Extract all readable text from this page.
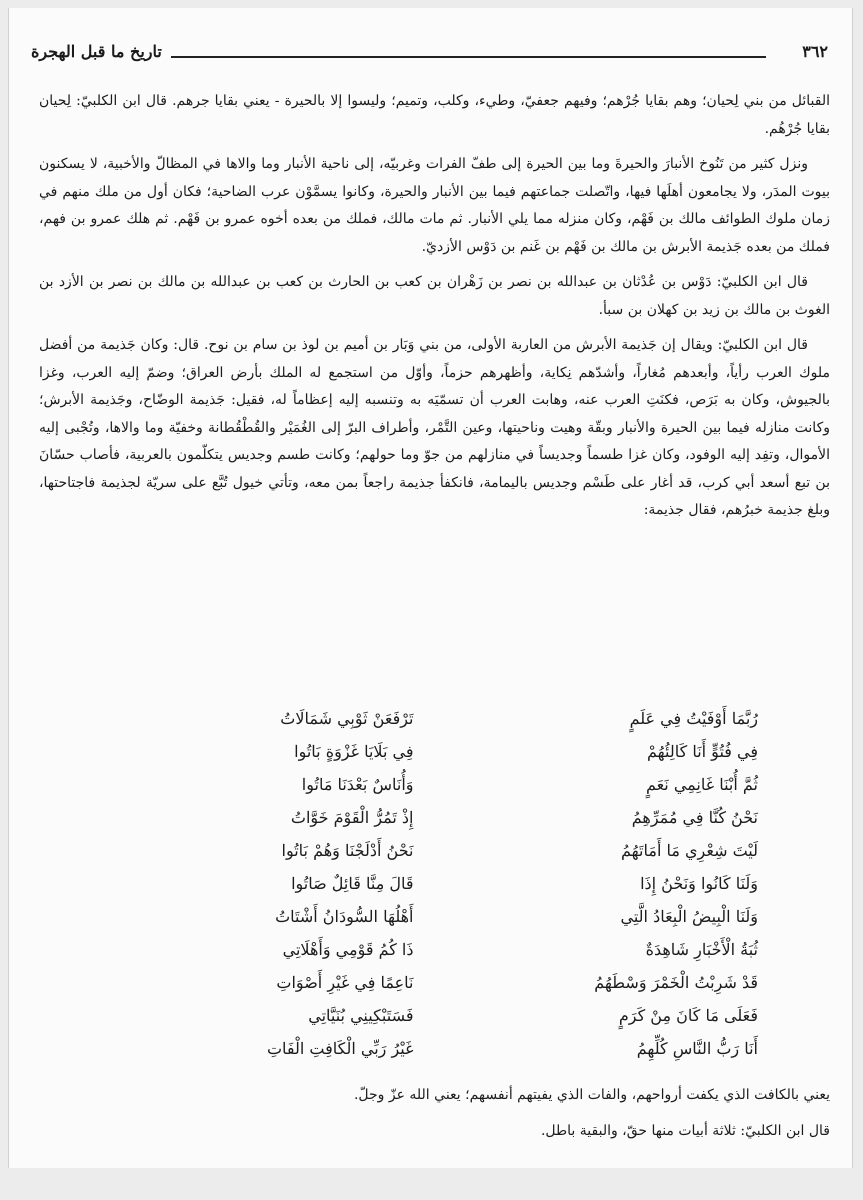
تاريخ ما قبل الهجرة	٣٦٢

القبائل من بني لِحيان؛ وهم بقايا جُرْهم؛ وفيهم جعفيّ، وطيء، وكلب، وتميم؛ وليسوا إلا بالحيرة - يعني بقايا جرهم. قال ابن الكلبيّ: لِحيان بقايا جُرْهُم.

ونزل كثير من تَنُوخ الأنبارَ والحيرةَ وما بين الحيرة إلى طفّ الفرات وغربيّه، إلى ناحية الأنبار وما والاها في المظالّ والأخبية، لا يسكنون بيوت المدَر، ولا يجامعون أهلَها فيها، واتّصلت جماعتهم فيما بين الأنبار والحيرة، وكانوا يسمَّوْن عرب الضاحية؛ فكان أول من ملك منهم في زمان ملوك الطوائف مالك بن فَهْم، وكان منزله مما يلي الأنبار. ثم مات مالك، فملك من بعده أخوه عمرو بن فَهْم. ثم هلك عمرو بن فهم، فملك من بعده جَذيمة الأبرش بن مالك بن فَهْم بن غَنم بن دَوْس الأزديّ.

قال ابن الكلبيّ: دَوْس بن عُدْثان بن عبدالله بن نصر بن زَهْران بن كعب بن الحارث بن كعب بن عبدالله بن مالك بن نصر بن الأزد بن الغوث بن مالك بن زيد بن كهلان بن سبأ.

قال ابن الكلبيّ: ويقال إن جَذيمة الأبرش من العاربة الأولى، من بني وَبَار بن أميم بن لوذ بن سام بن نوح. قال: وكان جَذيمة من أفضل ملوك العرب رأياً، وأبعدهم مُغاراً، وأشدّهم نِكاية، وأظهرهم حزماً، وأوّل من استجمع له الملك بأرض العراق؛ وضمّ إليه العرب، وغزا بالجيوش، وكان به بَرَص، فكنَتِ العرب عنه، وهابت العرب أن تسمّيَه به وتنسبه إليه إعظاماً له، فقيل: جَذيمة الوضّاح، وجَذيمة الأبرش؛ وكانت منازله فيما بين الحيرة والأنبار وبقّة وهيت وناحيتها، وعين التَّمْر، وأطراف البرّ إلى الغُمَيْر والقُطْقُطانة وخفيّة وما والاها، وتُجْبى إليه الأموال، وتفِد إليه الوفود، وكان غزا طسماً وجديساً في منازلهم من جوّ وما حولهم؛ وكانت طسم وجديس يتكلّمون بالعربية، فأصاب حسّانَ بن تبع أسعد أبي كرب، قد أغار على طَسْم وجديس باليمامة، فانكفأ جذيمة راجعاً بمن معه، وتأتي خيول تُبَّع على سريّة لجذيمة فاجتاحتها، وبلغ جذيمة خبرُهم، فقال جذيمة:

رُبَّمَا أَوْفَيْتُ فِي عَلَمٍ
تَرْفَعَنْ ثَوْبِي شَمَالَاتُ
فِي فُتُوٍّ أَنَا كَالِئُهُمْ
فِي بَلَايَا غَزْوَةٍ بَاتُوا
ثُمَّ أُبْنَا غَانِمِي نَعَمٍ
وَأُنَاسٌ بَعْدَنَا مَاتُوا
نَحْنُ كُنَّا فِي مُمَرِّهِمُ
إِذْ تَمُرُّ الْقَوْمَ خَوَّاتُ
لَيْتَ شِعْرِي مَا أَمَاتَهُمُ
نَحْنُ أَدْلَجْنَا وَهُمْ بَاتُوا
وَلَنَا كَانُوا وَنَحْنُ إِذَا
قَالَ مِنَّا قَائِلٌ صَاتُوا
وَلَنَا الْبِيضُ الْبِعَادُ الَّتِي
أَهْلُهَا السُّودَانُ أَشْتَاتُ
ثُبَةُ الْأَخْبَارِ شَاهِدَةٌ
ذَا كُمُ قَوْمِي وَأَهْلَاتِي
قَدْ شَرِبْتُ الْخَمْرَ وَسْطَهُمُ
نَاعِمًا فِي غَيْرِ أَصْوَاتِ
فَعَلَى مَا كَانَ مِنْ كَرَمٍ
فَسَتَبْكِينِي بُنَيَّاتِي
أَنَا رَبُّ النَّاسِ كُلِّهِمُ
غَيْرُ رَبِّي الْكَافِتِ الْفَاتِ

يعني بالكافت الذي يكفت أرواحهم، والفات الذي يفيتهم أنفسهم؛ يعني الله عزّ وجلّ.

قال ابن الكلبيّ: ثلاثة أبيات منها حقّ، والبقية باطل.
